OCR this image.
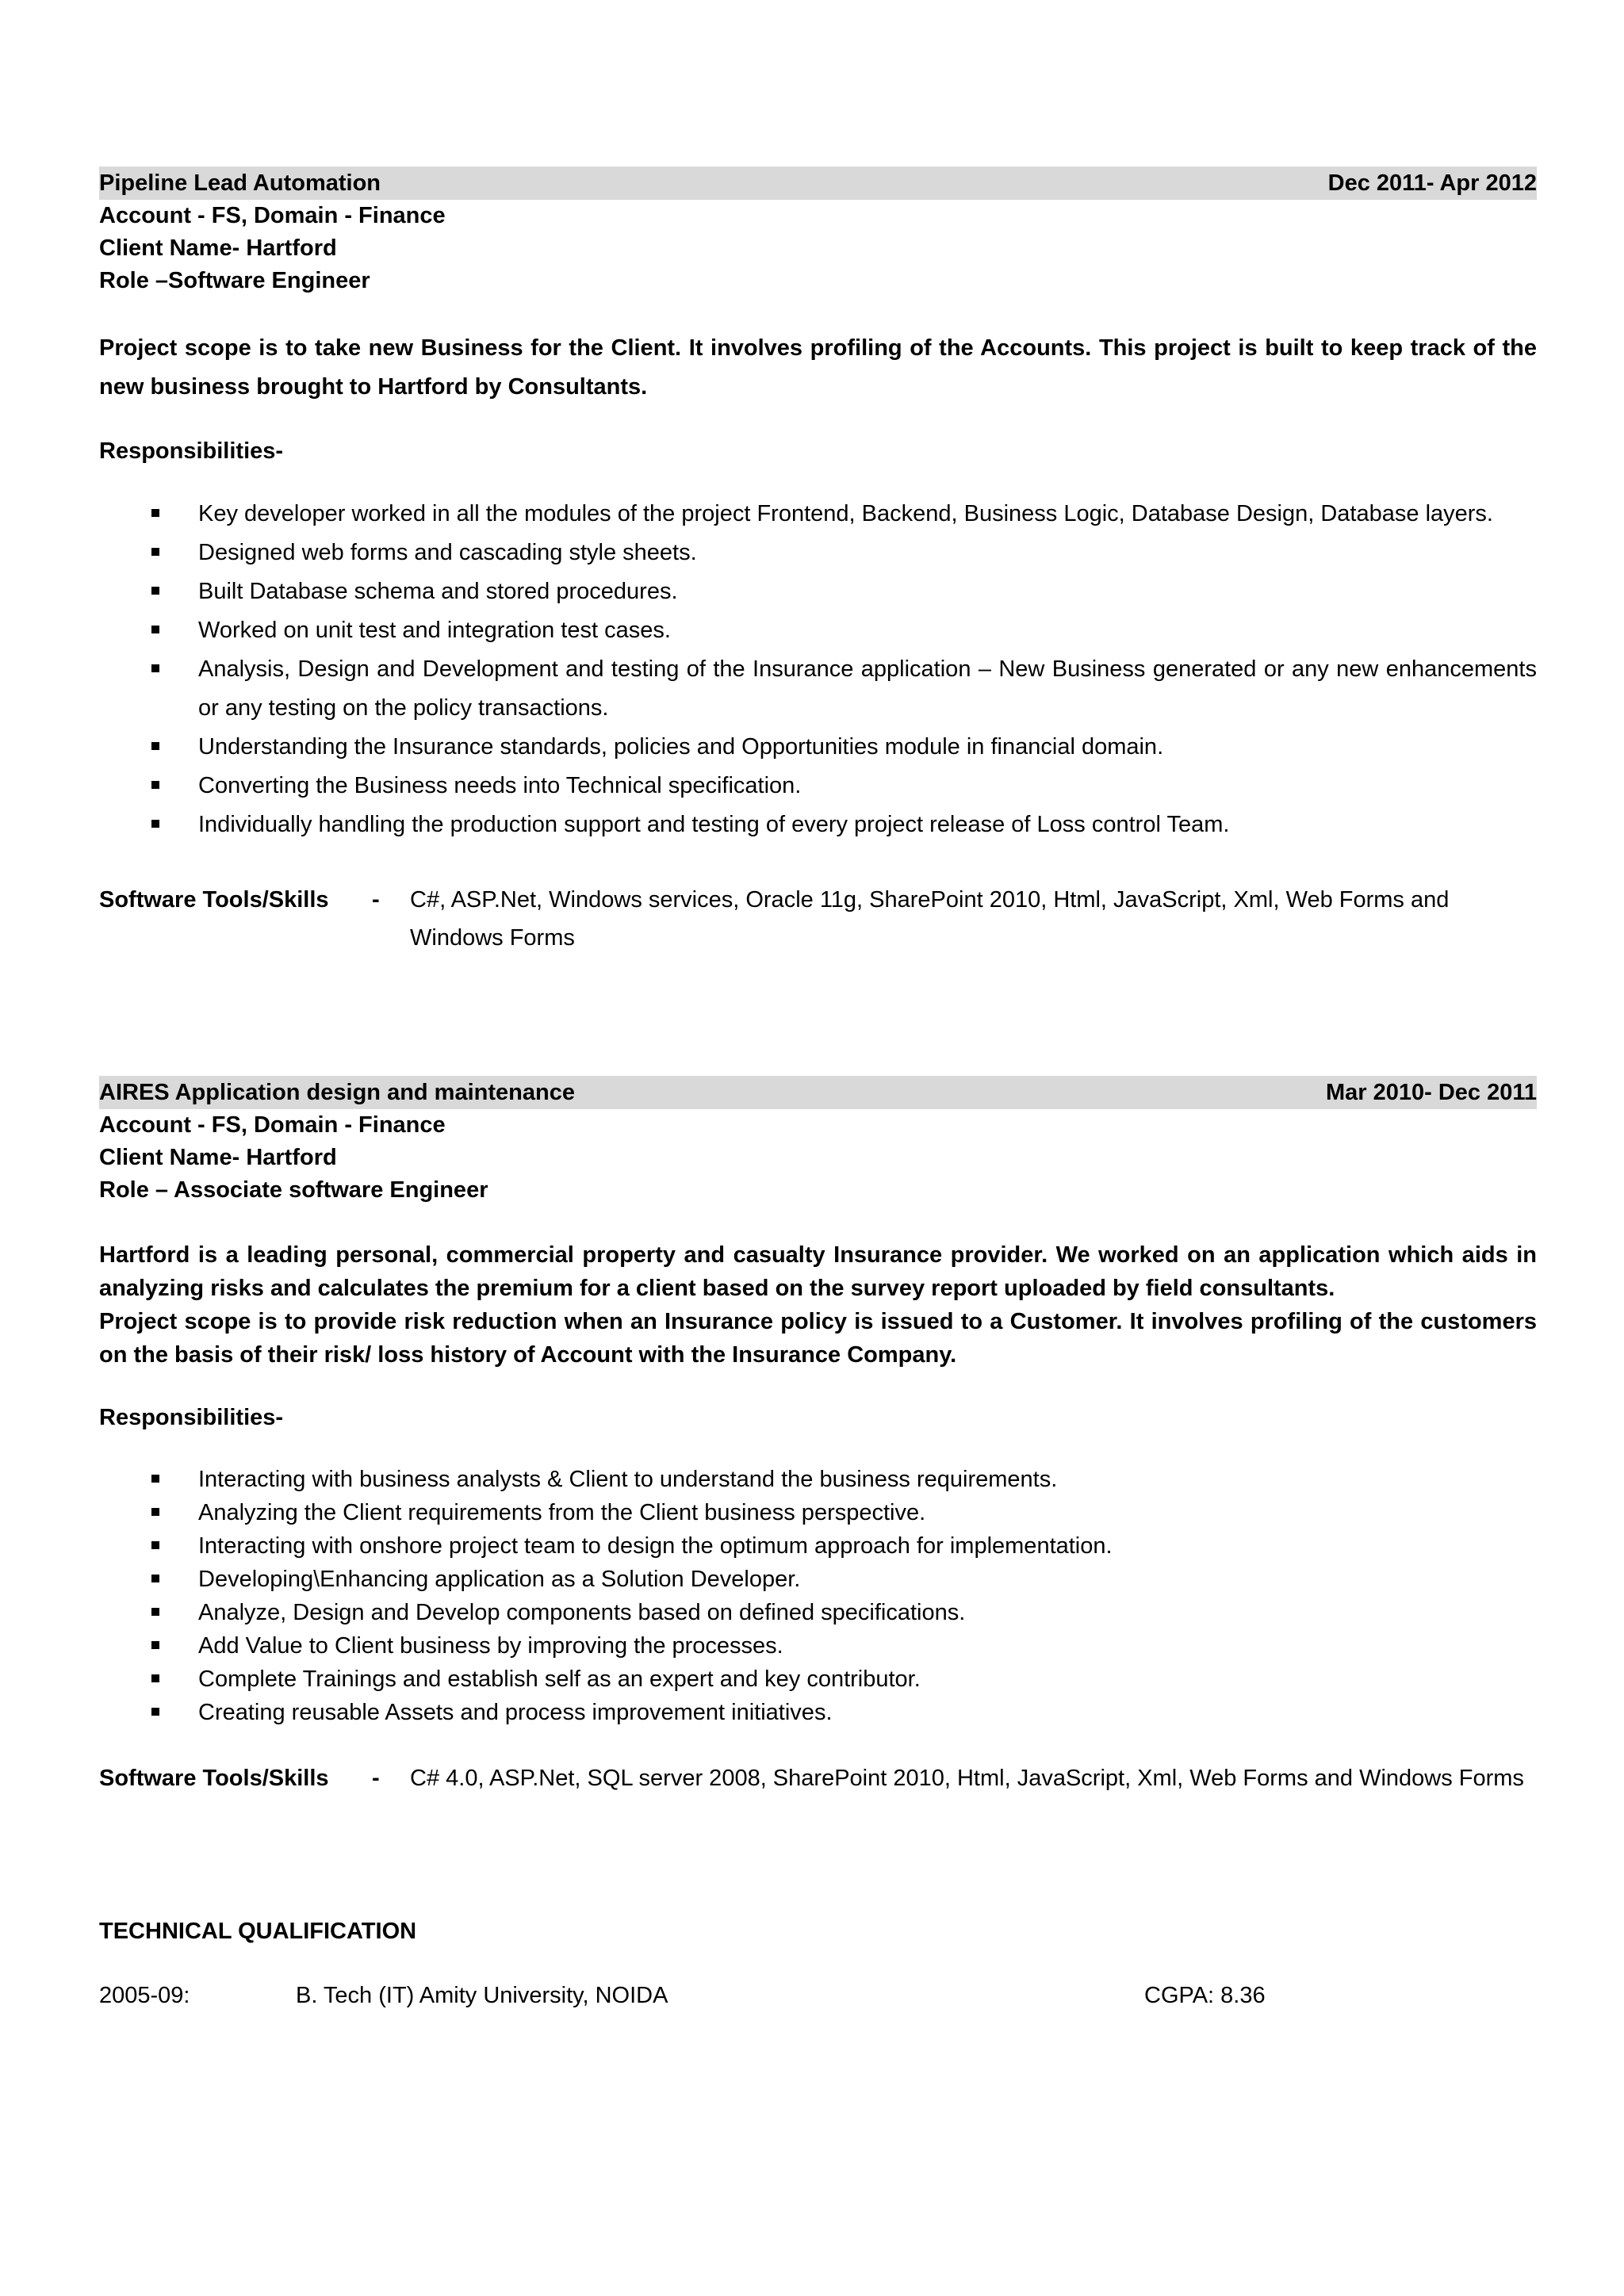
Pipeline Lead Automation	Dec 2011- Apr 2012
Account - FS, Domain - Finance
Client Name- Hartford
Role –Software Engineer
Project scope is to take new Business for the Client. It involves profiling of the Accounts. This project is built to keep track of the new business brought to Hartford by Consultants.
Responsibilities-
Key developer worked in all the modules of the project Frontend, Backend, Business Logic, Database Design, Database layers.
Designed web forms and cascading style sheets.
Built Database schema and stored procedures.
Worked on unit test and integration test cases.
Analysis, Design and Development and testing of the Insurance application – New Business generated or any new enhancements or any testing on the policy transactions.
Understanding the Insurance standards, policies and Opportunities module in financial domain.
Converting the Business needs into Technical specification.
Individually handling the production support and testing of every project release of Loss control Team.
Software Tools/Skills - C#, ASP.Net, Windows services, Oracle 11g, SharePoint 2010, Html, JavaScript, Xml, Web Forms and Windows Forms
AIRES Application design and maintenance	Mar 2010- Dec 2011
Account - FS, Domain - Finance
Client Name- Hartford
Role – Associate software Engineer
Hartford is a leading personal, commercial property and casualty Insurance provider. We worked on an application which aids in analyzing risks and calculates the premium for a client based on the survey report uploaded by field consultants.
Project scope is to provide risk reduction when an Insurance policy is issued to a Customer. It involves profiling of the customers on the basis of their risk/ loss history of Account with the Insurance Company.
Responsibilities-
Interacting with business analysts & Client to understand the business requirements.
Analyzing the Client requirements from the Client business perspective.
Interacting with onshore project team to design the optimum approach for implementation.
Developing\Enhancing application as a Solution Developer.
Analyze, Design and Develop components based on defined specifications.
Add Value to Client business by improving the processes.
Complete Trainings and establish self as an expert and key contributor.
Creating reusable Assets and process improvement initiatives.
Software Tools/Skills - C# 4.0, ASP.Net, SQL server 2008, SharePoint 2010, Html, JavaScript, Xml, Web Forms and Windows Forms
TECHNICAL QUALIFICATION
2005-09:	B. Tech (IT) Amity University, NOIDA	CGPA: 8.36
